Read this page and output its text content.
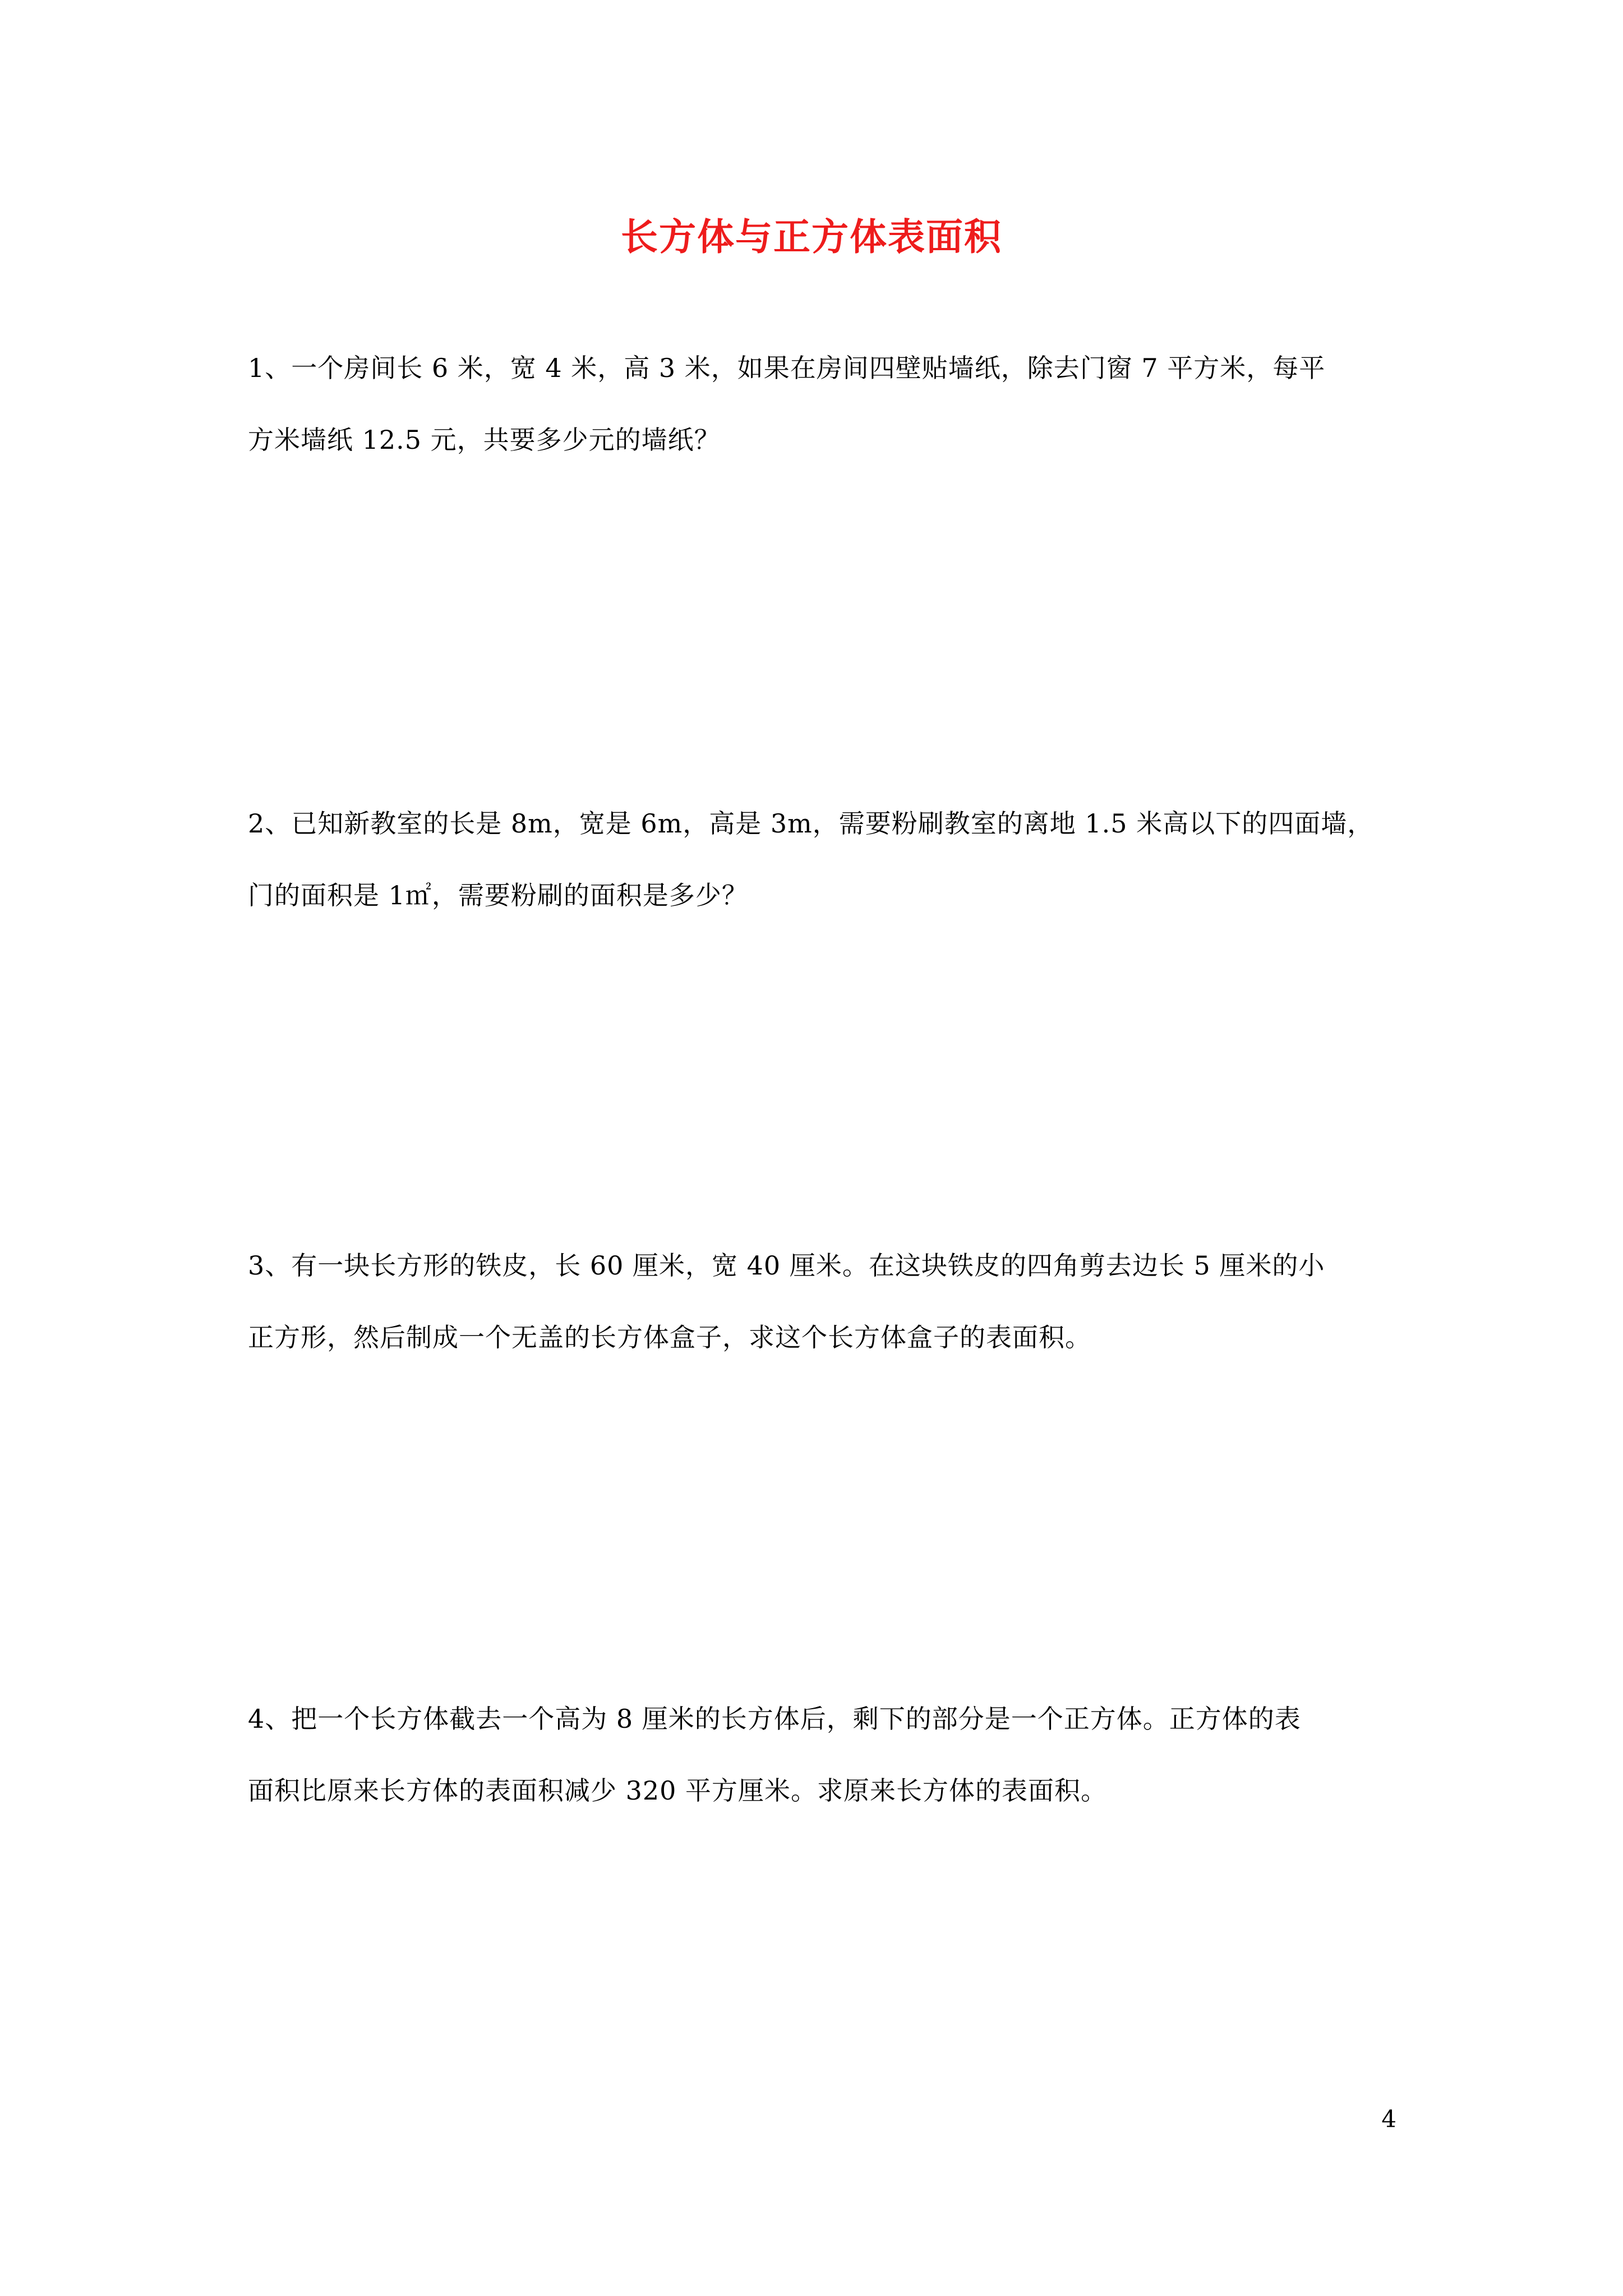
长方体与正方体表面积
1、一个房间长 6 米，宽 4 米，高 3 米，如果在房间四壁贴墙纸，除去门窗 7 平方米，每平
方米墙纸 12.5 元，共要多少元的墙纸？
2、已知新教室的长是 8m，宽是 6m，高是 3m，需要粉刷教室的离地 1.5 米高以下的四面墙，
门的面积是 1㎡，需要粉刷的面积是多少？
3、有一块长方形的铁皮，长 60 厘米，宽 40 厘米。在这块铁皮的四角剪去边长 5 厘米的小
正方形，然后制成一个无盖的长方体盒子，求这个长方体盒子的表面积。
4、把一个长方体截去一个高为 8 厘米的长方体后，剩下的部分是一个正方体。正方体的表
面积比原来长方体的表面积减少 320 平方厘米。求原来长方体的表面积。
4
